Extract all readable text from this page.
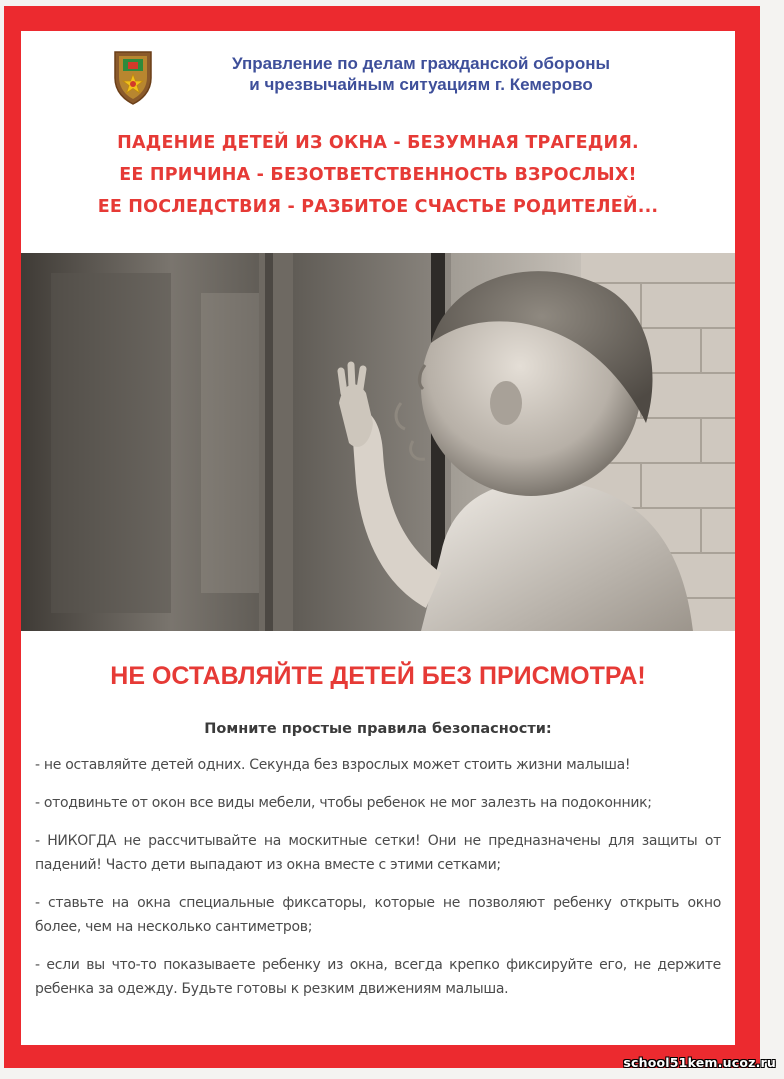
Управление по делам гражданской обороны
и чрезвычайным ситуациям г. Кемерово
ПАДЕНИЕ ДЕТЕЙ ИЗ ОКНА - БЕЗУМНАЯ ТРАГЕДИЯ.
ЕЕ ПРИЧИНА - БЕЗОТВЕТСТВЕННОСТЬ ВЗРОСЛЫХ!
ЕЕ ПОСЛЕДСТВИЯ - РАЗБИТОЕ СЧАСТЬЕ РОДИТЕЛЕЙ...
НЕ ОСТАВЛЯЙТЕ ДЕТЕЙ БЕЗ ПРИСМОТРА!
Помните простые правила безопасности:
- не оставляйте детей одних. Секунда без взрослых может стоить жизни малыша!
- отодвиньте от окон все виды мебели, чтобы ребенок не мог залезть на подоконник;
- НИКОГДА не рассчитывайте на москитные сетки! Они не предназначены для защиты от падений! Часто дети выпадают из окна вместе с этими сетками;
- ставьте на окна специальные фиксаторы, которые не позволяют ребенку открыть окно более, чем на несколько сантиметров;
- если вы что-то показываете ребенку из окна, всегда крепко фиксируйте его, не держите ребенка за одежду. Будьте готовы к резким движениям малыша.
school51kem.ucoz.ru
